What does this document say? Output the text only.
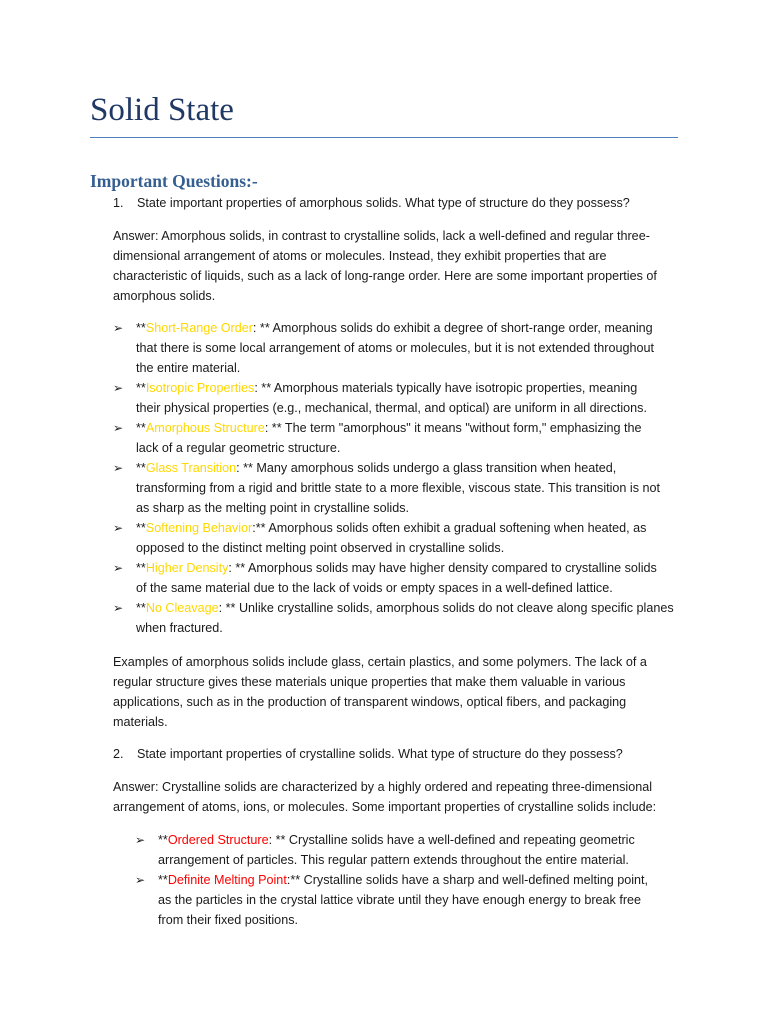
Solid State
Important Questions:-
1. State important properties of amorphous solids. What type of structure do they possess?

Answer: Amorphous solids, in contrast to crystalline solids, lack a well-defined and regular three-

dimensional arrangement of atoms or molecules. Instead, they exhibit properties that are

characteristic of liquids, such as a lack of long-range order. Here are some important properties of

amorphous solids.

➢ **Short-Range Order: ** Amorphous solids do exhibit a degree of short-range order, meaning
that there is some local arrangement of atoms or molecules, but it is not extended throughout
the entire material.
➢ **Isotropic Properties: ** Amorphous materials typically have isotropic properties, meaning
their physical properties (e.g., mechanical, thermal, and optical) are uniform in all directions.
➢ **Amorphous Structure: ** The term "amorphous" it means "without form," emphasizing the
lack of a regular geometric structure.
➢ **Glass Transition: ** Many amorphous solids undergo a glass transition when heated,
transforming from a rigid and brittle state to a more flexible, viscous state. This transition is not
as sharp as the melting point in crystalline solids.
➢ **Softening Behavior:** Amorphous solids often exhibit a gradual softening when heated, as
opposed to the distinct melting point observed in crystalline solids.
➢ **Higher Density: ** Amorphous solids may have higher density compared to crystalline solids
of the same material due to the lack of voids or empty spaces in a well-defined lattice.
➢ **No Cleavage: ** Unlike crystalline solids, amorphous solids do not cleave along specific planes
when fractured.

Examples of amorphous solids include glass, certain plastics, and some polymers. The lack of a

regular structure gives these materials unique properties that make them valuable in various

applications, such as in the production of transparent windows, optical fibers, and packaging

materials.

2. State important properties of crystalline solids. What type of structure do they possess?

Answer: Crystalline solids are characterized by a highly ordered and repeating three-dimensional

arrangement of atoms, ions, or molecules. Some important properties of crystalline solids include:

➢ **Ordered Structure: ** Crystalline solids have a well-defined and repeating geometric
arrangement of particles. This regular pattern extends throughout the entire material.
➢ **Definite Melting Point:** Crystalline solids have a sharp and well-defined melting point,
as the particles in the crystal lattice vibrate until they have enough energy to break free
from their fixed positions.
